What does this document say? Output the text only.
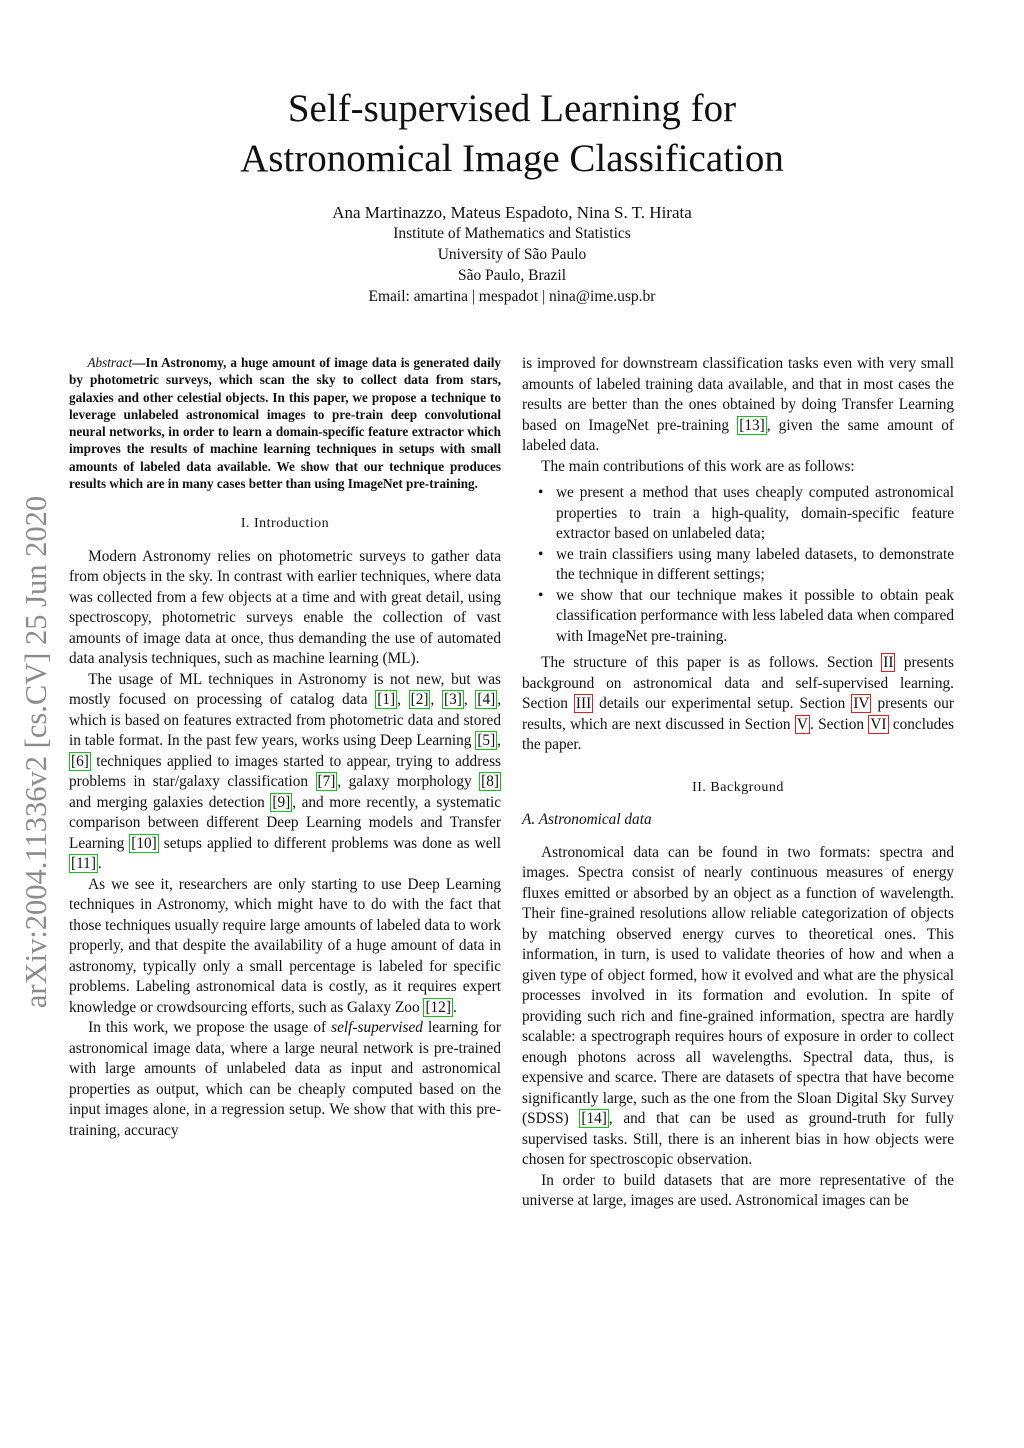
arXiv:2004.11336v2 [cs.CV] 25 Jun 2020
Self-supervised Learning for
Astronomical Image Classification
Ana Martinazzo, Mateus Espadoto, Nina S. T. Hirata
Institute of Mathematics and Statistics
University of São Paulo
São Paulo, Brazil
Email: amartina | mespadot | nina@ime.usp.br

Abstract—In Astronomy, a huge amount of image data is generated daily by photometric surveys, which scan the sky to collect data from stars, galaxies and other celestial objects. In this paper, we propose a technique to leverage unlabeled astronomical images to pre-train deep convolutional neural networks, in order to learn a domain-specific feature extractor which improves the results of machine learning techniques in setups with small amounts of labeled data available. We show that our technique produces results which are in many cases better than using ImageNet pre-training.

I. Introduction

Modern Astronomy relies on photometric surveys to gather data from objects in the sky. In contrast with earlier techniques, where data was collected from a few objects at a time and with great detail, using spectroscopy, photometric surveys enable the collection of vast amounts of image data at once, thus demanding the use of automated data analysis techniques, such as machine learning (ML).

The usage of ML techniques in Astronomy is not new, but was mostly focused on processing of catalog data [1] , [2] , [3] , [4] , which is based on features extracted from photometric data and stored in table format. In the past few years, works using Deep Learning [5] , [6] techniques applied to images started to appear, trying to address problems in star/galaxy classification [7] , galaxy morphology [8] and merging galaxies detection [9] , and more recently, a systematic comparison between different Deep Learning models and Transfer Learning [10] setups applied to different problems was done as well [11] .

As we see it, researchers are only starting to use Deep Learning techniques in Astronomy, which might have to do with the fact that those techniques usually require large amounts of labeled data to work properly, and that despite the availability of a huge amount of data in astronomy, typically only a small percentage is labeled for specific problems. Labeling astronomical data is costly, as it requires expert knowledge or crowdsourcing efforts, such as Galaxy Zoo [12] .

In this work, we propose the usage of self-supervised learning for astronomical image data, where a large neural network is pre-trained with large amounts of unlabeled data as input and astronomical properties as output, which can be cheaply computed based on the input images alone, in a regression setup. We show that with this pre-training, accuracy

is improved for downstream classification tasks even with very small amounts of labeled training data available, and that in most cases the results are better than the ones obtained by doing Transfer Learning based on ImageNet pre-training [13] , given the same amount of labeled data.

The main contributions of this work are as follows:

• we present a method that uses cheaply computed astronomical properties to train a high-quality, domain-specific feature extractor based on unlabeled data;
• we train classifiers using many labeled datasets, to demonstrate the technique in different settings;
• we show that our technique makes it possible to obtain peak classification performance with less labeled data when compared with ImageNet pre-training.

The structure of this paper is as follows. Section II presents background on astronomical data and self-supervised learning. Section III details our experimental setup. Section IV presents our results, which are next discussed in Section V . Section VI concludes the paper.

II. Background
A. Astronomical data

Astronomical data can be found in two formats: spectra and images. Spectra consist of nearly continuous measures of energy fluxes emitted or absorbed by an object as a function of wavelength. Their fine-grained resolutions allow reliable categorization of objects by matching observed energy curves to theoretical ones. This information, in turn, is used to validate theories of how and when a given type of object formed, how it evolved and what are the physical processes involved in its formation and evolution. In spite of providing such rich and fine-grained information, spectra are hardly scalable: a spectrograph requires hours of exposure in order to collect enough photons across all wavelengths. Spectral data, thus, is expensive and scarce. There are datasets of spectra that have become significantly large, such as the one from the Sloan Digital Sky Survey (SDSS) [14] , and that can be used as ground-truth for fully supervised tasks. Still, there is an inherent bias in how objects were chosen for spectroscopic observation.

In order to build datasets that are more representative of the universe at large, images are used. Astronomical images can be
